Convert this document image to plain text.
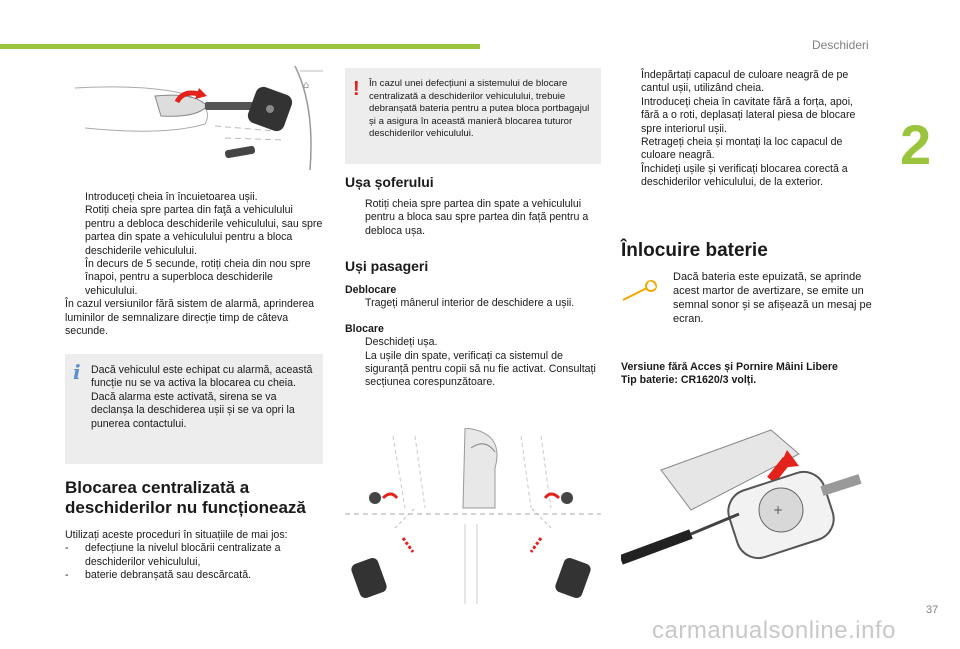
Deschideri
2
37
⌂

Introduceți cheia în încuietoarea ușii.

Rotiți cheia spre partea din faţă a vehiculului pentru a debloca deschiderile vehiculului, sau spre partea din spate a vehiculului pentru a bloca deschiderile vehiculului.

În decurs de 5 secunde, rotiți cheia din nou spre înapoi, pentru a superbloca deschiderile vehiculului.

În cazul versiunilor fără sistem de alarmă, aprinderea luminilor de semnalizare direcție timp de câteva secunde.

i Dacă vehiculul este echipat cu alarmă, această funcție nu se va activa la blocarea cu cheia.

Dacă alarma este activată, sirena se va declanșa la deschiderea ușii și se va opri la punerea contactului.

Blocarea centralizată a
deschiderilor nu funcționează

Utilizați aceste proceduri în situațiile de mai jos:

- defecțiune la nivelul blocării centralizate a deschiderilor vehiculului,

- baterie debranșată sau descărcată.

! În cazul unei defecțiuni a sistemului de blocare centralizată a deschiderilor vehiculului, trebuie debranșată bateria pentru a putea bloca portbagajul și a asigura în această manieră blocarea tuturor deschiderilor vehiculului.
Ușa șoferului

Rotiți cheia spre partea din spate a vehiculului pentru a bloca sau spre partea din față pentru a debloca ușa.

Uși pasageri
Deblocare

Trageți mânerul interior de deschidere a ușii.

Blocare

Deschideți ușa.

La ușile din spate, verificați ca sistemul de siguranță pentru copii să nu fie activat. Consultați secțiunea corespunzătoare.

Îndepărtați capacul de culoare neagră de pe cantul ușii, utilizând cheia.

Introduceți cheia în cavitate fără a forța, apoi, fără a o roti, deplasați lateral piesa de blocare spre interiorul ușii.

Retrageți cheia și montați la loc capacul de culoare neagră.

Închideți ușile și verificați blocarea corectă a deschiderilor vehiculului, de la exterior.

Înlocuire baterie
Dacă bateria este epuizată, se aprinde acest martor de avertizare, se emite un semnal sonor și se afișează un mesaj pe ecran.
Versiune fără Acces și Pornire Mâini Libere
Tip baterie: CR1620/3 volți.
+
carmanualsonline.info
